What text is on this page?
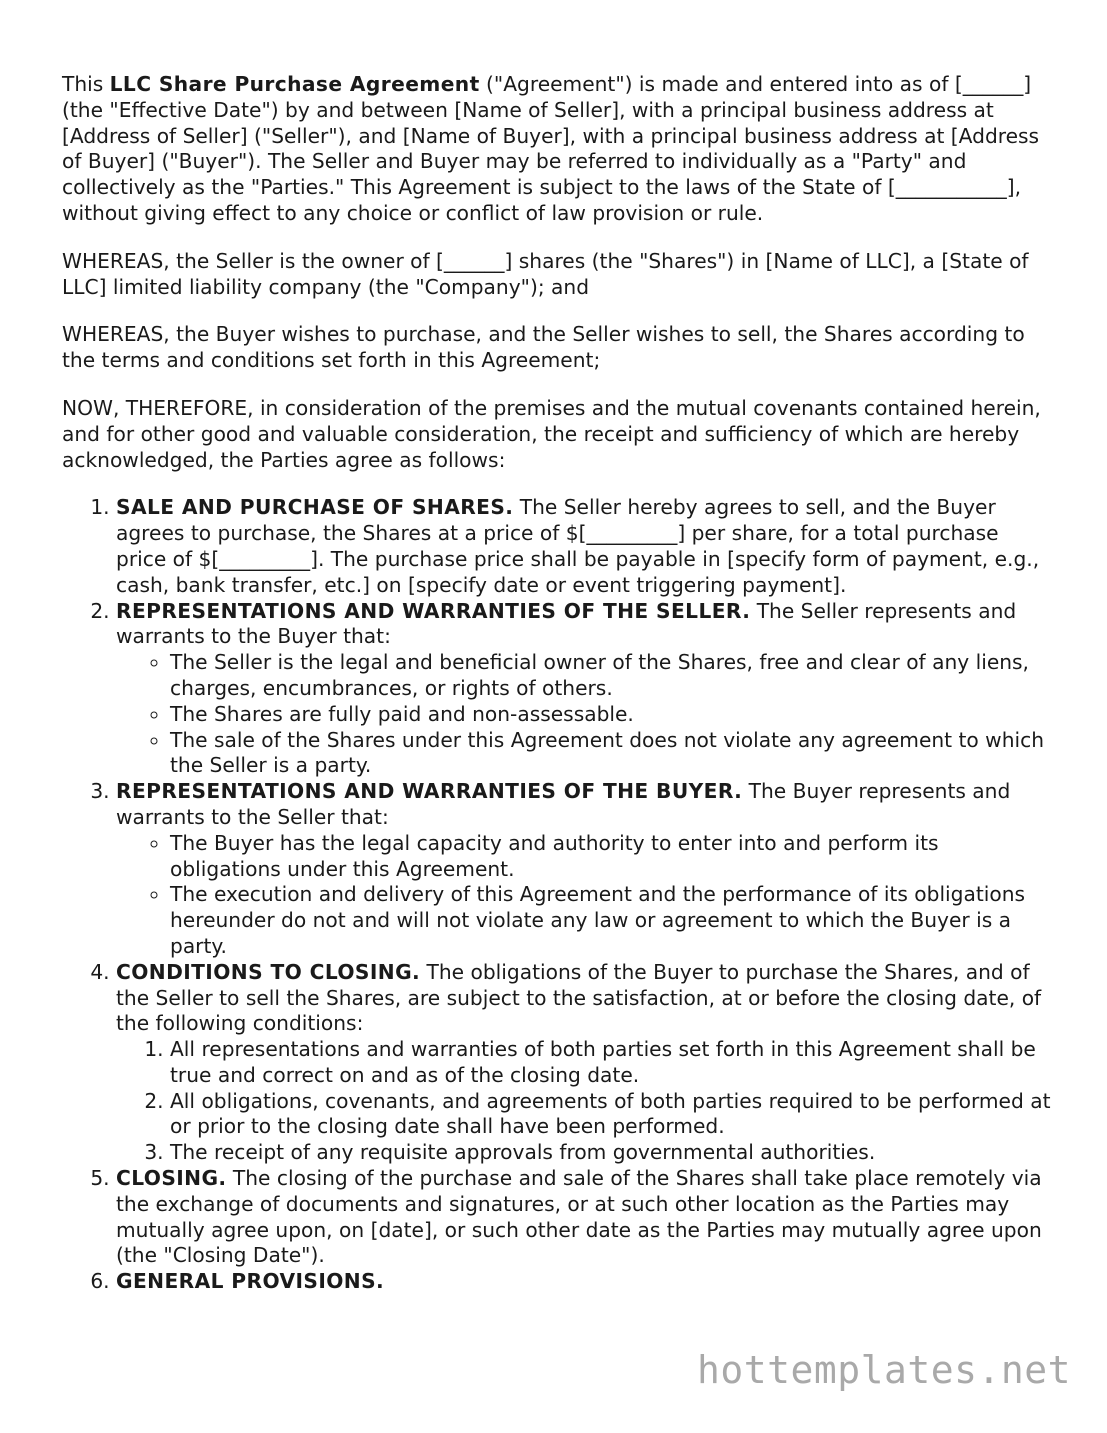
This LLC Share Purchase Agreement ("Agreement") is made and entered into as of [______] (the "Effective Date") by and between [Name of Seller], with a principal business address at [Address of Seller] ("Seller"), and [Name of Buyer], with a principal business address at [Address of Buyer] ("Buyer"). The Seller and Buyer may be referred to individually as a "Party" and collectively as the "Parties." This Agreement is subject to the laws of the State of [___________], without giving effect to any choice or conflict of law provision or rule.

WHEREAS, the Seller is the owner of [______] shares (the "Shares") in [Name of LLC], a [State of LLC] limited liability company (the "Company"); and

WHEREAS, the Buyer wishes to purchase, and the Seller wishes to sell, the Shares according to the terms and conditions set forth in this Agreement;

NOW, THEREFORE, in consideration of the premises and the mutual covenants contained herein, and for other good and valuable consideration, the receipt and sufficiency of which are hereby acknowledged, the Parties agree as follows:

1. SALE AND PURCHASE OF SHARES. The Seller hereby agrees to sell, and the Buyer agrees to purchase, the Shares at a price of $[_________] per share, for a total purchase price of $[_________]. The purchase price shall be payable in [specify form of payment, e.g., cash, bank transfer, etc.] on [specify date or event triggering payment].
2. REPRESENTATIONS AND WARRANTIES OF THE SELLER. The Seller represents and warrants to the Buyer that:
◦ The Seller is the legal and beneficial owner of the Shares, free and clear of any liens, charges, encumbrances, or rights of others.
◦ The Shares are fully paid and non-assessable.
◦ The sale of the Shares under this Agreement does not violate any agreement to which the Seller is a party.
3. REPRESENTATIONS AND WARRANTIES OF THE BUYER. The Buyer represents and warrants to the Seller that:
◦ The Buyer has the legal capacity and authority to enter into and perform its obligations under this Agreement.
◦ The execution and delivery of this Agreement and the performance of its obligations hereunder do not and will not violate any law or agreement to which the Buyer is a party.
4. CONDITIONS TO CLOSING. The obligations of the Buyer to purchase the Shares, and of the Seller to sell the Shares, are subject to the satisfaction, at or before the closing date, of the following conditions:
1. All representations and warranties of both parties set forth in this Agreement shall be true and correct on and as of the closing date.
2. All obligations, covenants, and agreements of both parties required to be performed at or prior to the closing date shall have been performed.
3. The receipt of any requisite approvals from governmental authorities.
5. CLOSING. The closing of the purchase and sale of the Shares shall take place remotely via the exchange of documents and signatures, or at such other location as the Parties may mutually agree upon, on [date], or such other date as the Parties may mutually agree upon (the "Closing Date").
6. GENERAL PROVISIONS.
hottemplates.net
